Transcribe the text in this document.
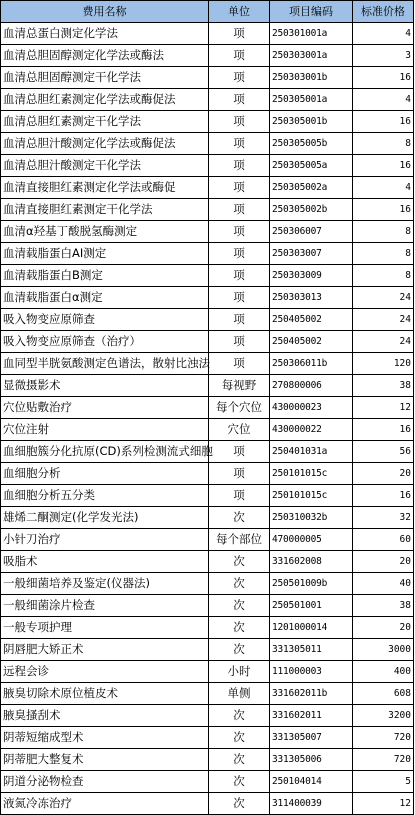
费用名称	单位	项目编码	标准价格
血清总蛋白测定化学法	项	250301001a	4
血清总胆固醇测定化学法或酶法	项	250303001a	3
血清总胆固醇测定干化学法	项	250303001b	16
血清总胆红素测定化学法或酶促法	项	250305001a	4
血清总胆红素测定干化学法	项	250305001b	16
血清总胆汁酸测定化学法或酶促法	项	250305005b	8
血清总胆汁酸测定干化学法	项	250305005a	16
血清直接胆红素测定化学法或酶促	项	250305002a	4
血清直接胆红素测定干化学法	项	250305002b	16
血清α羟基丁酸脱氢酶测定	项	250306007	8
血清载脂蛋白AI测定	项	250303007	8
血清载脂蛋白B测定	项	250303009	8
血清载脂蛋白α测定	项	250303013	24
吸入物变应原筛查	项	250405002	24
吸入物变应原筛查（治疗）	项	250405002	24
血同型半胱氨酸测定色谱法，散射比浊法	项	250306011b	120
显微摄影术	每视野	270800006	38
穴位贴敷治疗	每个穴位	430000023	12
穴位注射	穴位	430000022	16
血细胞簇分化抗原(CD)系列检测流式细胞	项	250401031a	56
血细胞分析	项	250101015c	20
血细胞分析五分类	项	250101015c	16
雄烯二酮测定(化学发光法)	次	250310032b	32
小针刀治疗	每个部位	470000005	60
吸脂术	次	331602008	20
一般细菌培养及鉴定(仪器法)	次	250501009b	40
一般细菌涂片检查	次	250501001	38
一般专项护理	次	120100001​4	20
阴唇肥大矫正术	次	331305011	3000
远程会诊	小时	111000003	400
腋臭切除术原位植皮术	单侧	331602011b	608
腋臭搔刮术	次	331602011	3200
阴蒂短缩成型术	次	331305007	720
阴蒂肥大整复术	次	331305006	720
阴道分泌物检查	次	250104014	5
液氮冷冻治疗	次	311400039	12
